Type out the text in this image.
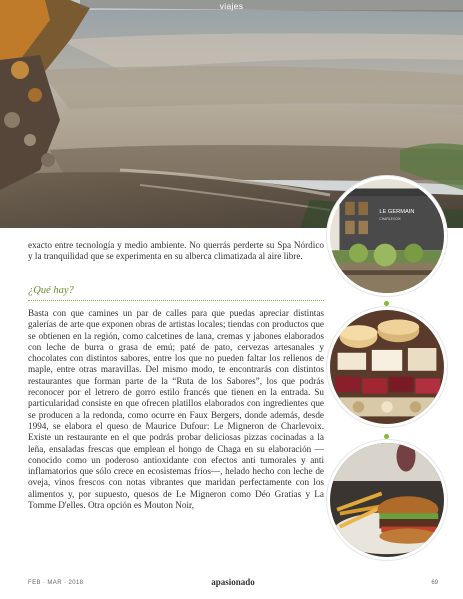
viajes
LE GERMAIN
CHARLEVOIX

exacto entre tecnología y medio ambiente. No querrás perderte su Spa Nórdico y la tranquilidad que se experimenta en su alberca climatizada al aire libre.

¿Qué hay?

Basta con que camines un par de calles para que puedas apreciar distintas galerías de arte que exponen obras de artistas locales; tiendas con productos que se obtienen en la región, como calcetines de lana, cremas y jabones elaborados con leche de burra o grasa de emú; paté de pato, cervezas artesanales y chocolates con distintos sabores, entre los que no pueden faltar los rellenos de maple, entre otras maravillas. Del mismo modo, te encontrarás con distintos restaurantes que forman parte de la “Ruta de los Sabores”, los que podrás reconocer por el letrero de gorro estilo francés que tienen en la entrada. Su particularidad consiste en que ofrecen platillos elaborados con ingredientes que se producen a la redonda, como ocurre en Faux Bergers, donde además, desde 1994, se elabora el queso de Maurice Dufour: Le Migneron de Charlevoix. Existe un restaurante en el que podrás probar deliciosas pizzas cocinadas a la leña, ensaladas frescas que emplean el hongo de Chaga en su elaboración —conocido como un poderoso antioxidante con efectos anti tumorales y anti inflamatorios que sólo crece en ecosistemas fríos—, helado hecho con leche de oveja, vinos frescos con notas vibrantes que maridan perfectamente con los alimentos y, por supuesto, quesos de Le Migneron como Déo Gratias y La Tomme D'elles. Otra opción es Mouton Noir,

FEB · MAR · 2018	apasionado	69
